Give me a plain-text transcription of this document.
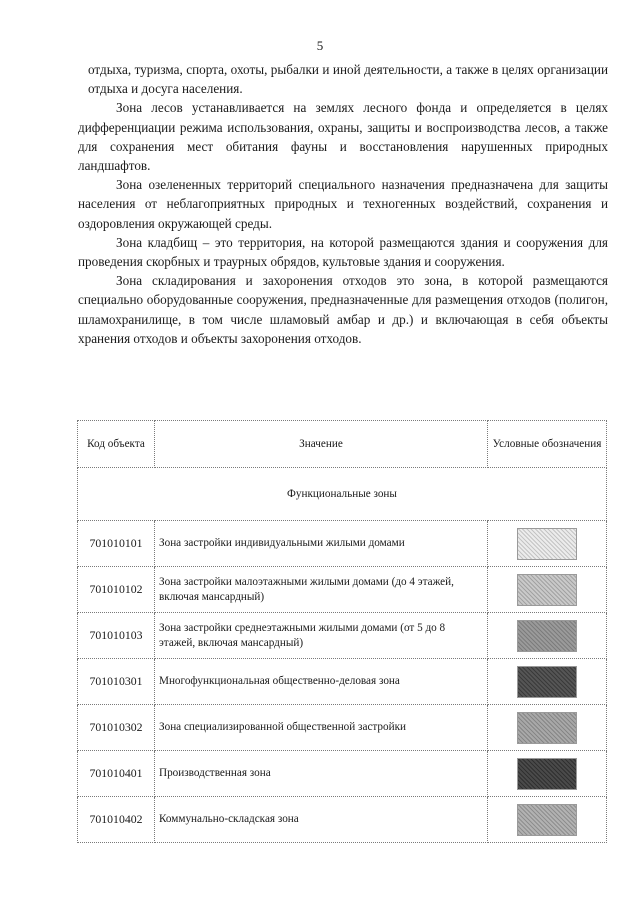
5

отдыха, туризма, спорта, охоты, рыбалки и иной деятельности, а также в целях организации отдыха и досуга населения.

Зона лесов устанавливается на землях лесного фонда и определяется в целях дифференциации режима использования, охраны, защиты и воспроизводства лесов, а также для сохранения мест обитания фауны и восстановления нарушенных природных ландшафтов.

Зона озелененных территорий специального назначения предназначена для защиты населения от неблагоприятных природных и техногенных воздействий, сохранения и оздоровления окружающей среды.

Зона кладбищ – это территория, на которой размещаются здания и сооружения для проведения скорбных и траурных обрядов, культовые здания и сооружения.

Зона складирования и захоронения отходов это зона, в которой размещаются специально оборудованные сооружения, предназначенные для размещения отходов (полигон, шламохранилище, в том числе шламовый амбар и др.) и включающая в себя объекты хранения отходов и объекты захоронения отходов.

Код объекта	Значение	Условные обозначения
Функциональные зоны		
701010101	Зона застройки индивидуальными жилыми домами	
701010102	Зона застройки малоэтажными жилыми домами (до 4 этажей, включая мансардный)	
701010103	Зона застройки среднеэтажными жилыми домами (от 5 до 8 этажей, включая мансардный)	
701010301	Многофункциональная общественно-деловая зона	
701010302	Зона специализированной общественной застройки	
701010401	Производственная зона	
701010402	Коммунально-складская зона	
